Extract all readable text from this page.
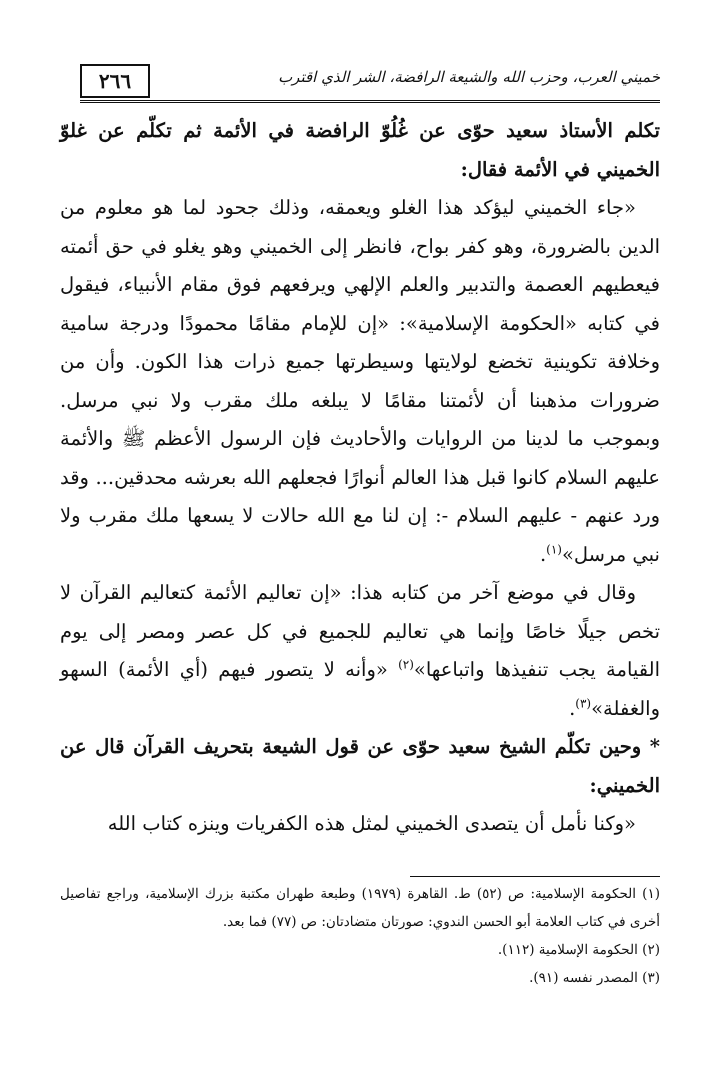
٢٦٦	خميني العرب، وحزب الله والشيعة الرافضة، الشر الذي اقترب

تكلم الأستاذ سعيد حوّى عن غُلُوّ الرافضة في الأئمة ثم تكلّم عن غلوّ الخميني في الأئمة فقال:

«جاء الخميني ليؤكد هذا الغلو ويعمقه، وذلك جحود لما هو معلوم من الدين بالضرورة، وهو كفر بواح، فانظر إلى الخميني وهو يغلو في حق أئمته فيعطيهم العصمة والتدبير والعلم الإلهي ويرفعهم فوق مقام الأنبياء، فيقول في كتابه «الحكومة الإسلامية»: «إن للإمام مقامًا محمودًا ودرجة سامية وخلافة تكوينية تخضع لولايتها وسيطرتها جميع ذرات هذا الكون. وأن من ضرورات مذهبنا أن لأئمتنا مقامًا لا يبلغه ملك مقرب ولا نبي مرسل. وبموجب ما لدينا من الروايات والأحاديث فإن الرسول الأعظم ﷺ والأئمة عليهم السلام كانوا قبل هذا العالم أنوارًا فجعلهم الله بعرشه محدقين... وقد ورد عنهم - عليهم السلام -: إن لنا مع الله حالات لا يسعها ملك مقرب ولا نبي مرسل»$^{(١)}$.

وقال في موضع آخر من كتابه هذا: «إن تعاليم الأئمة كتعاليم القرآن لا تخص جيلًا خاصًا وإنما هي تعاليم للجميع في كل عصر ومصر إلى يوم القيامة يجب تنفيذها واتباعها»$^{(٢)}$ «وأنه لا يتصور فيهم (أي الأئمة) السهو والغفلة»$^{(٣)}$.

* وحين تكلّم الشيخ سعيد حوّى عن قول الشيعة بتحريف القرآن قال عن الخميني:

«وكنا نأمل أن يتصدى الخميني لمثل هذه الكفريات وينزه كتاب الله

(١) الحكومة الإسلامية: ص (٥٢) ط. القاهرة (١٩٧٩) وطبعة طهران مكتبة بزرك الإسلامية، وراجع تفاصيل أخرى في كتاب العلامة أبو الحسن الندوي: صورتان متضادتان: ص (٧٧) فما بعد.

(٢) الحكومة الإسلامية (١١٢).

(٣) المصدر نفسه (٩١).
